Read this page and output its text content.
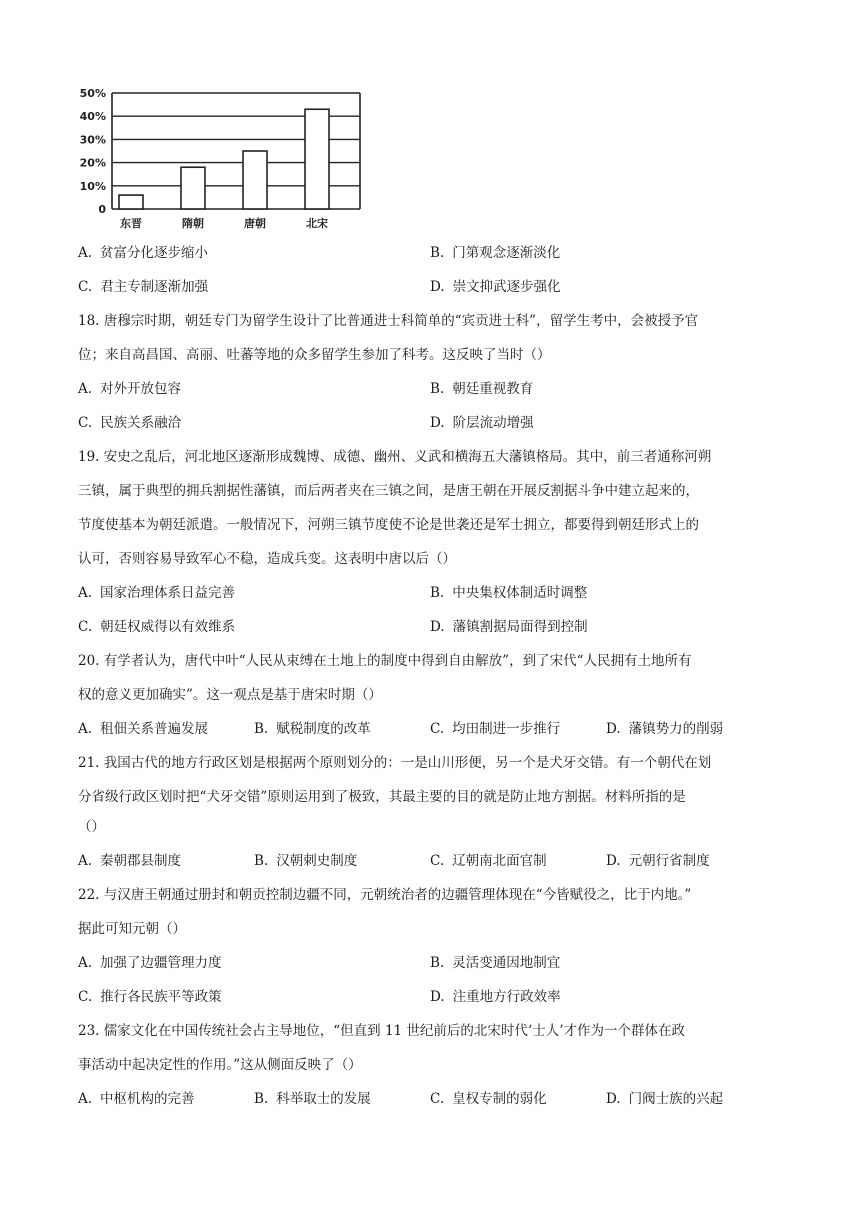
50%
40%
30%
20%
10%
0
东晋	隋朝	唐朝	北宋
A. 贫富分化逐步缩小	B. 门第观念逐渐淡化
C. 君主专制逐渐加强	D. 崇文抑武逐步强化
18. 唐穆宗时期，朝廷专门为留学生设计了比普通进士科简单的“宾贡进士科”，留学生考中，会被授予官
位；来自高昌国、高丽、吐蕃等地的众多留学生参加了科考。这反映了当时（）
A. 对外开放包容	B. 朝廷重视教育
C. 民族关系融洽	D. 阶层流动增强
19. 安史之乱后，河北地区逐渐形成魏博、成德、幽州、义武和横海五大藩镇格局。其中，前三者通称河朔
三镇，属于典型的拥兵割据性藩镇，而后两者夹在三镇之间，是唐王朝在开展反割据斗争中建立起来的，
节度使基本为朝廷派遣。一般情况下，河朔三镇节度使不论是世袭还是军士拥立，都要得到朝廷形式上的
认可，否则容易导致军心不稳，造成兵变。这表明中唐以后（）
A. 国家治理体系日益完善	B. 中央集权体制适时调整
C. 朝廷权威得以有效维系	D. 藩镇割据局面得到控制
20. 有学者认为，唐代中叶“人民从束缚在土地上的制度中得到自由解放”，到了宋代“人民拥有土地所有
权的意义更加确实”。这一观点是基于唐宋时期（）
A. 租佃关系普遍发展	B. 赋税制度的改革	C. 均田制进一步推行	D. 藩镇势力的削弱
21. 我国古代的地方行政区划是根据两个原则划分的：一是山川形便，另一个是犬牙交错。有一个朝代在划
分省级行政区划时把“犬牙交错”原则运用到了极致，其最主要的目的就是防止地方割据。材料所指的是
（）
A. 秦朝郡县制度	B. 汉朝刺史制度	C. 辽朝南北面官制	D. 元朝行省制度
22. 与汉唐王朝通过册封和朝贡控制边疆不同，元朝统治者的边疆管理体现在“今皆赋役之，比于内地。”
据此可知元朝（）
A. 加强了边疆管理力度	B. 灵活变通因地制宜
C. 推行各民族平等政策	D. 注重地方行政效率
23. 儒家文化在中国传统社会占主导地位，“但直到 11 世纪前后的北宋时代‘士人’才作为一个群体在政
事活动中起决定性的作用。”这从侧面反映了（）
A. 中枢机构的完善	B. 科举取士的发展	C. 皇权专制的弱化	D. 门阀士族的兴起
